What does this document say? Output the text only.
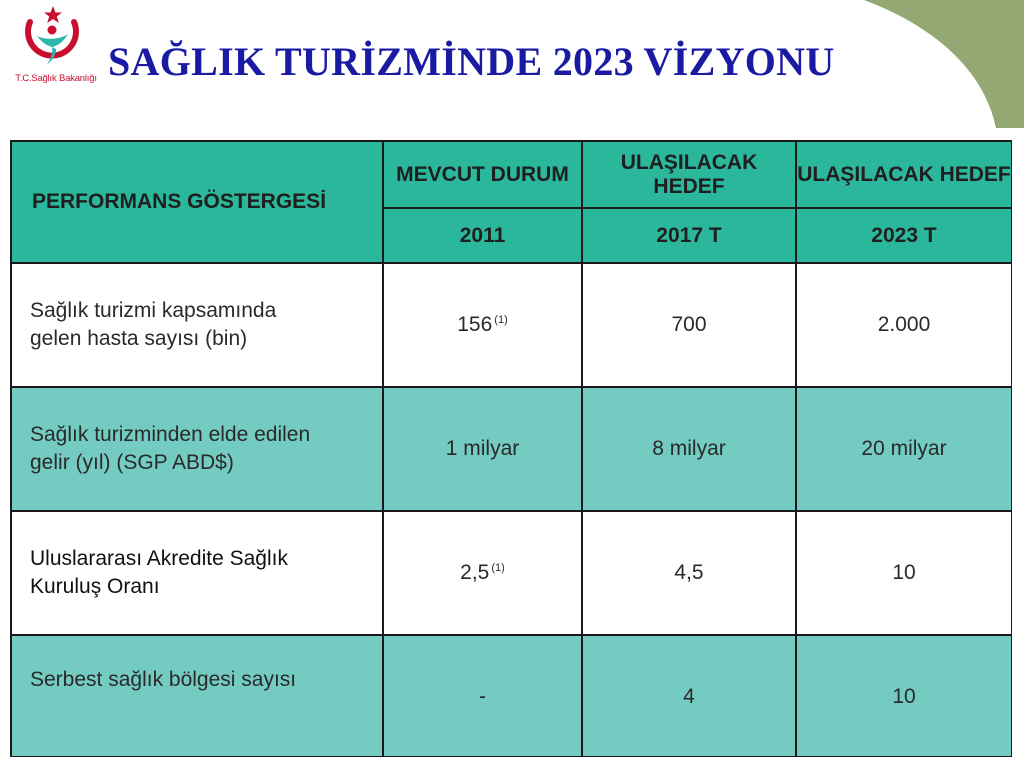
T.C.Sağlık Bakanlığı SAĞLIK TURİZMİNDE 2023 VİZYONU
PERFORMANS GÖSTERGESİ	MEVCUT DURUM	ULAŞILACAK HEDEF	ULAŞILACAK HEDEF
	2011	2017 T	2023 T
Sağlık turizmi kapsamında
gelen hasta sayısı (bin)	156 $^{(1)}$	700	2.000
Sağlık turizminden elde edilen
gelir (yıl) (SGP ABD$)	1 milyar	8 milyar	20 milyar
Uluslararası Akredite Sağlık
Kuruluş Oranı	2,5 $^{(1)}$	4,5	10
Serbest sağlık bölgesi sayısı	-	4	10
